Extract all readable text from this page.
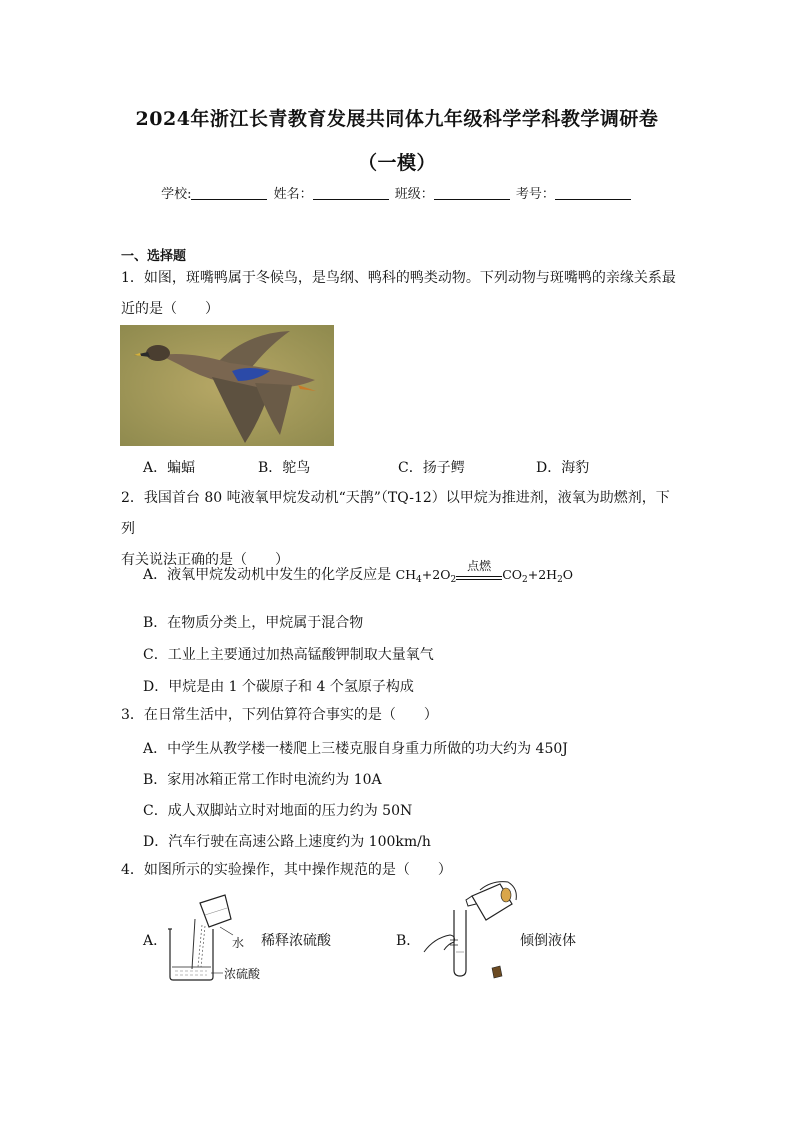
2024年浙江长青教育发展共同体九年级科学学科教学调研卷
（一模）
学校:	姓名：	班级：	考号：
一、选择题
1．如图，斑嘴鸭属于冬候鸟，是鸟纲、鸭科的鸭类动物。下列动物与斑嘴鸭的亲缘关系最
近的是（　　）
A．蝙蝠	B．鸵鸟	C．扬子鳄	D．海豹
2．我国首台 80 吨液氧甲烷发动机“天鹊”（TQ-12）以甲烷为推进剂，液氧为助燃剂，下列
有关说法正确的是（　　）
A．液氧甲烷发动机中发生的化学反应是 $CH_4+2O_2$
点燃
$CO_2+2H_2O$
B．在物质分类上，甲烷属于混合物
C．工业上主要通过加热高锰酸钾制取大量氧气
D．甲烷是由 1 个碳原子和 4 个氢原子构成
3．在日常生活中，下列估算符合事实的是（　　）
A．中学生从教学楼一楼爬上三楼克服自身重力所做的功大约为 450J
B．家用冰箱正常工作时电流约为 10A
C．成人双脚站立时对地面的压力约为 50N
D．汽车行驶在高速公路上速度约为 100km/h
4．如图所示的实验操作，其中操作规范的是（　　）
A．	水
浓硫酸
稀释浓硫酸	B．	倾倒液体
